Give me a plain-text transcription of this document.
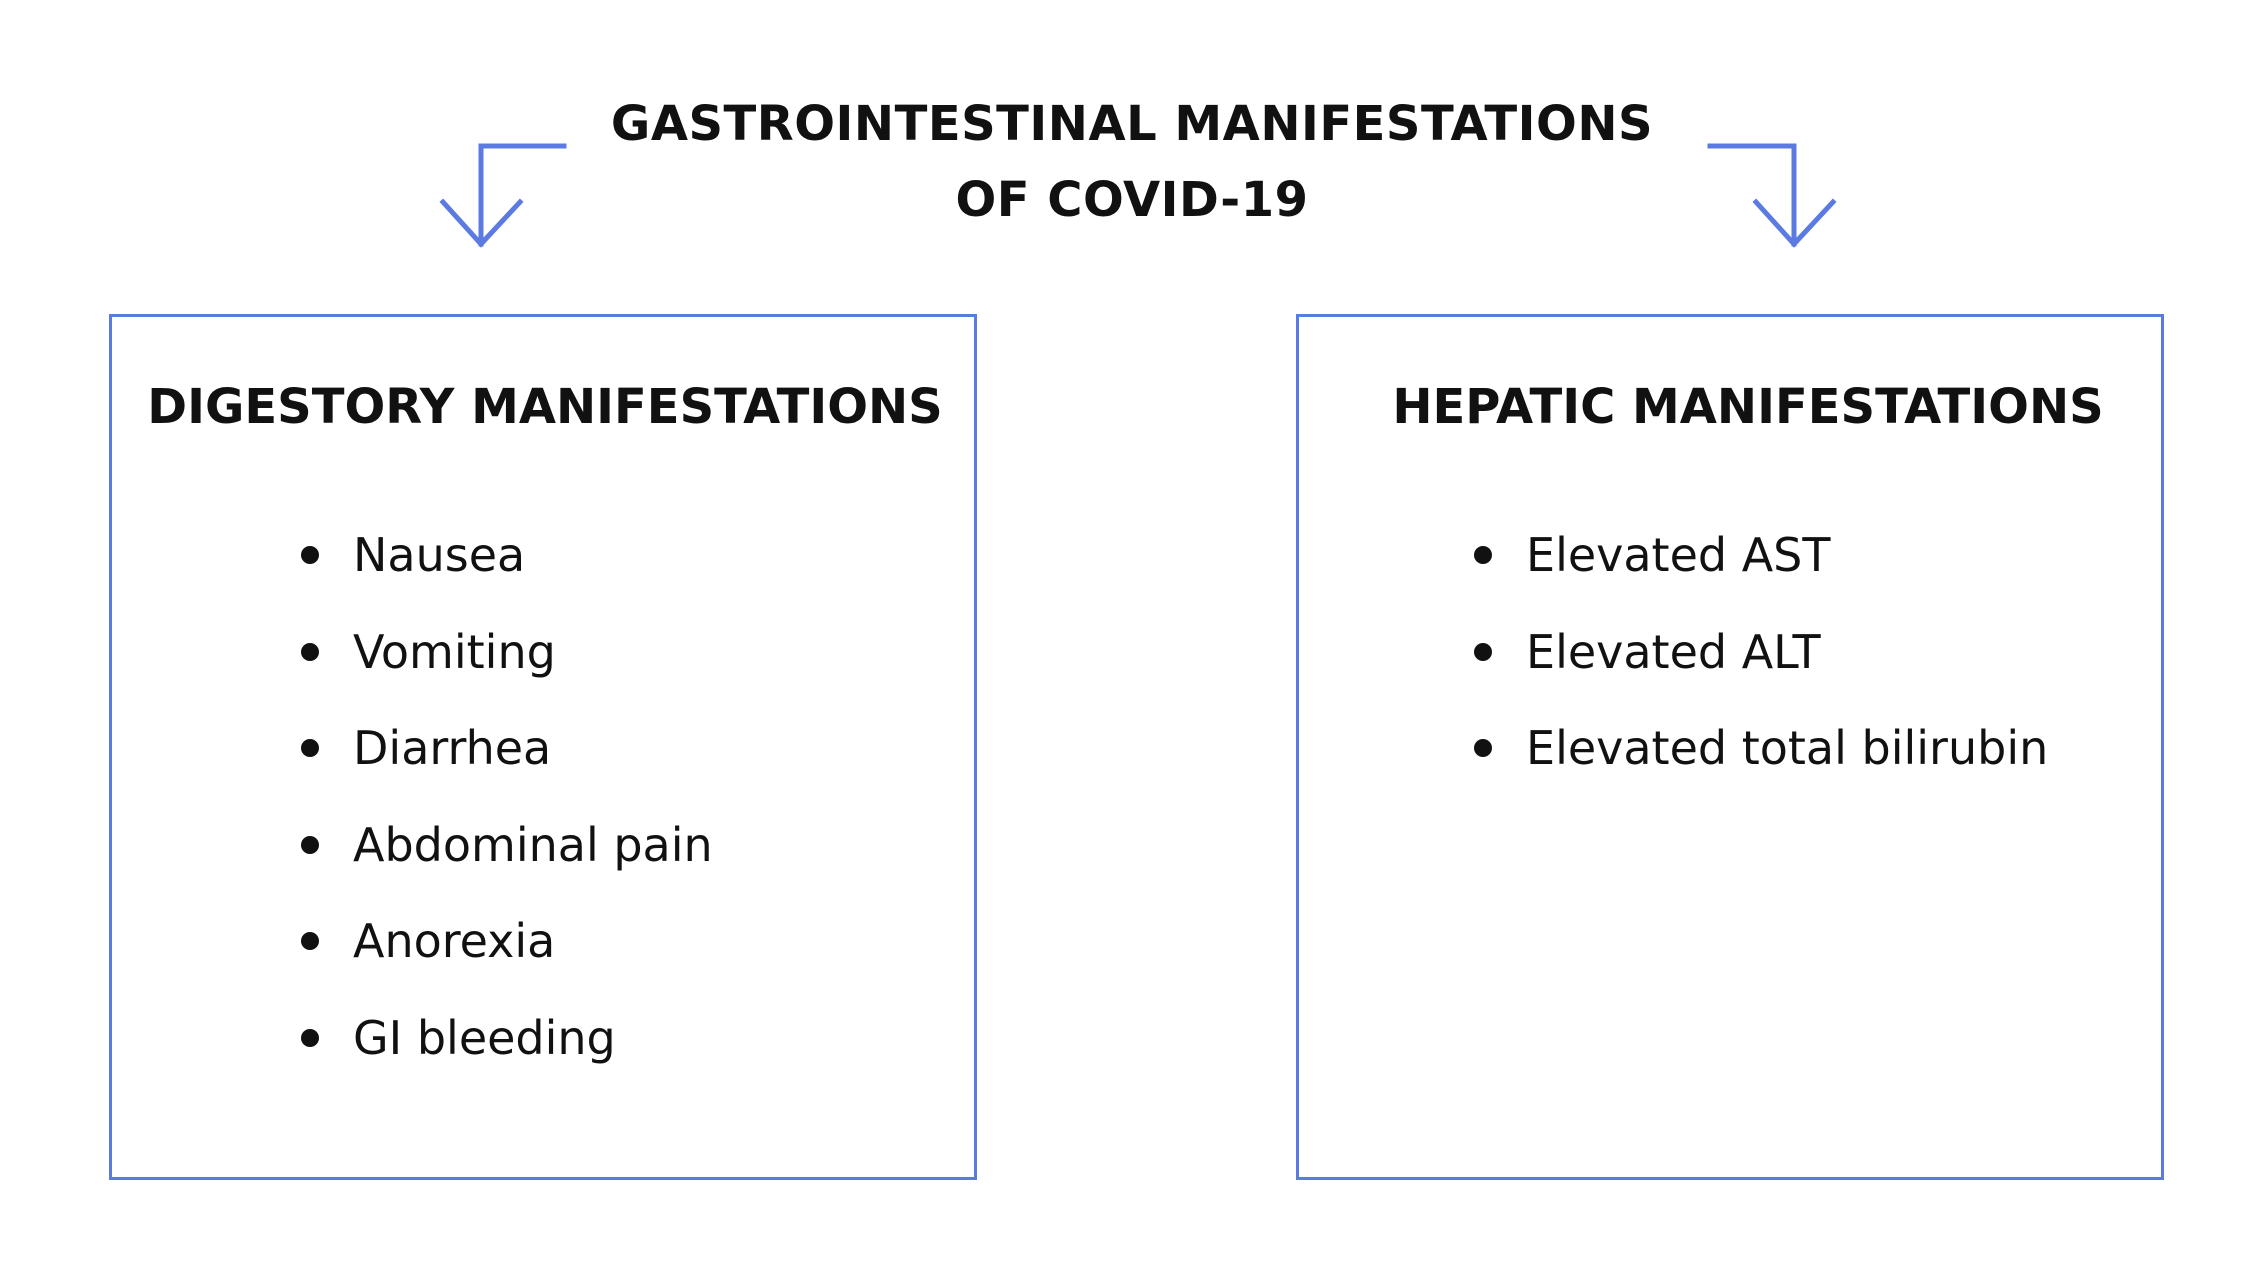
GASTROINTESTINAL MANIFESTATIONS
OF COVID-19
DIGESTORY MANIFESTATIONS
Nausea
Vomiting
Diarrhea
Abdominal pain
Anorexia
GI bleeding
HEPATIC MANIFESTATIONS
Elevated AST
Elevated ALT
Elevated total bilirubin
